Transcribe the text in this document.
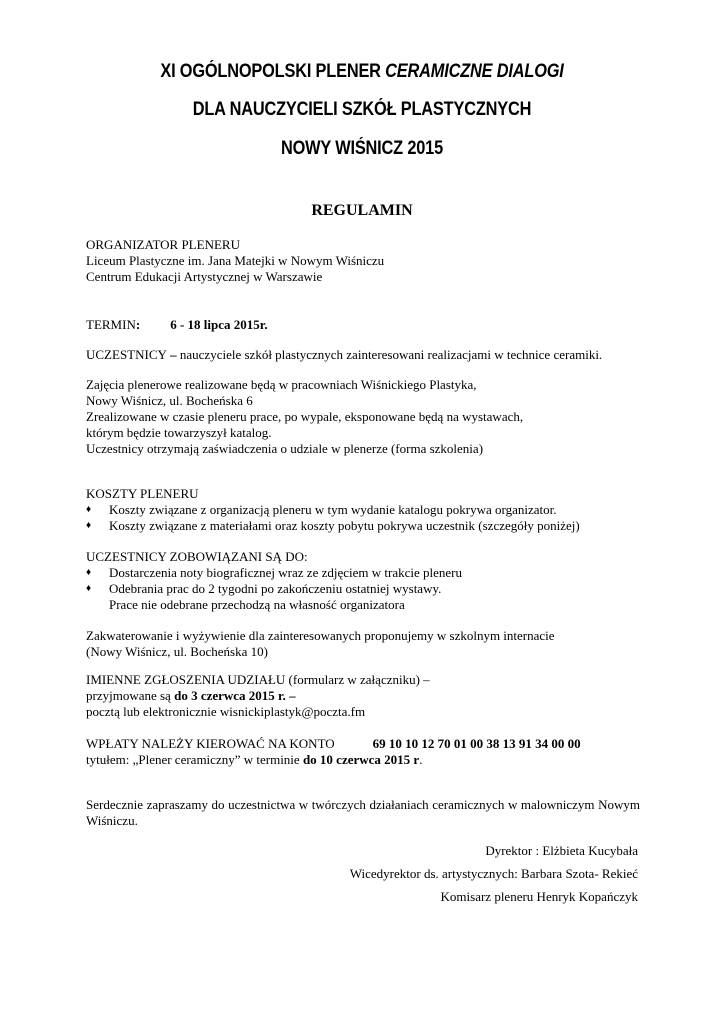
XI OGÓLNOPOLSKI PLENER CERAMICZNE DIALOGI
DLA NAUCZYCIELI SZKÓŁ PLASTYCZNYCH
NOWY WIŚNICZ 2015
REGULAMIN
ORGANIZATOR PLENERU
Liceum Plastyczne im. Jana Matejki w Nowym Wiśniczu
Centrum Edukacji Artystycznej w Warszawie
TERMIN: 6 - 18 lipca 2015r.
UCZESTNICY – nauczyciele szkół plastycznych zainteresowani realizacjami w technice ceramiki.
Zajęcia plenerowe realizowane będą w pracowniach Wiśnickiego Plastyka,
Nowy Wiśnicz, ul. Bocheńska 6
Zrealizowane w czasie pleneru prace, po wypale, eksponowane będą na wystawach,
którym będzie towarzyszył katalog.
Uczestnicy otrzymają zaświadczenia o udziale w plenerze (forma szkolenia)
KOSZTY PLENERU
♦ Koszty związane z organizacją pleneru w tym wydanie katalogu pokrywa organizator.
♦ Koszty związane z materiałami oraz koszty pobytu pokrywa uczestnik (szczegóły poniżej)
UCZESTNICY ZOBOWIĄZANI SĄ DO:
♦ Dostarczenia noty biograficznej wraz ze zdjęciem w trakcie pleneru
♦ Odebrania prac do 2 tygodni po zakończeniu ostatniej wystawy.
Prace nie odebrane przechodzą na własność organizatora
Zakwaterowanie i wyżywienie dla zainteresowanych proponujemy w szkolnym internacie
(Nowy Wiśnicz, ul. Bocheńska 10)
IMIENNE ZGŁOSZENIA UDZIAŁU (formularz w załączniku) –
przyjmowane są do 3 czerwca 2015 r. –
pocztą lub elektronicznie wisnickiplastyk@poczta.fm
WPŁATY NALEŻY KIEROWAĆ NA KONTO	69 10 10 12 70 01 00 38 13 91 34 00 00
tytułem: „Plener ceramiczny” w terminie do 10 czerwca 2015 r.
Serdecznie zapraszamy do uczestnictwa w twórczych działaniach ceramicznych w malowniczym Nowym Wiśniczu.
Dyrektor : Elżbieta Kucybała
Wicedyrektor ds. artystycznych: Barbara Szota- Rekieć
Komisarz pleneru Henryk Kopańczyk
